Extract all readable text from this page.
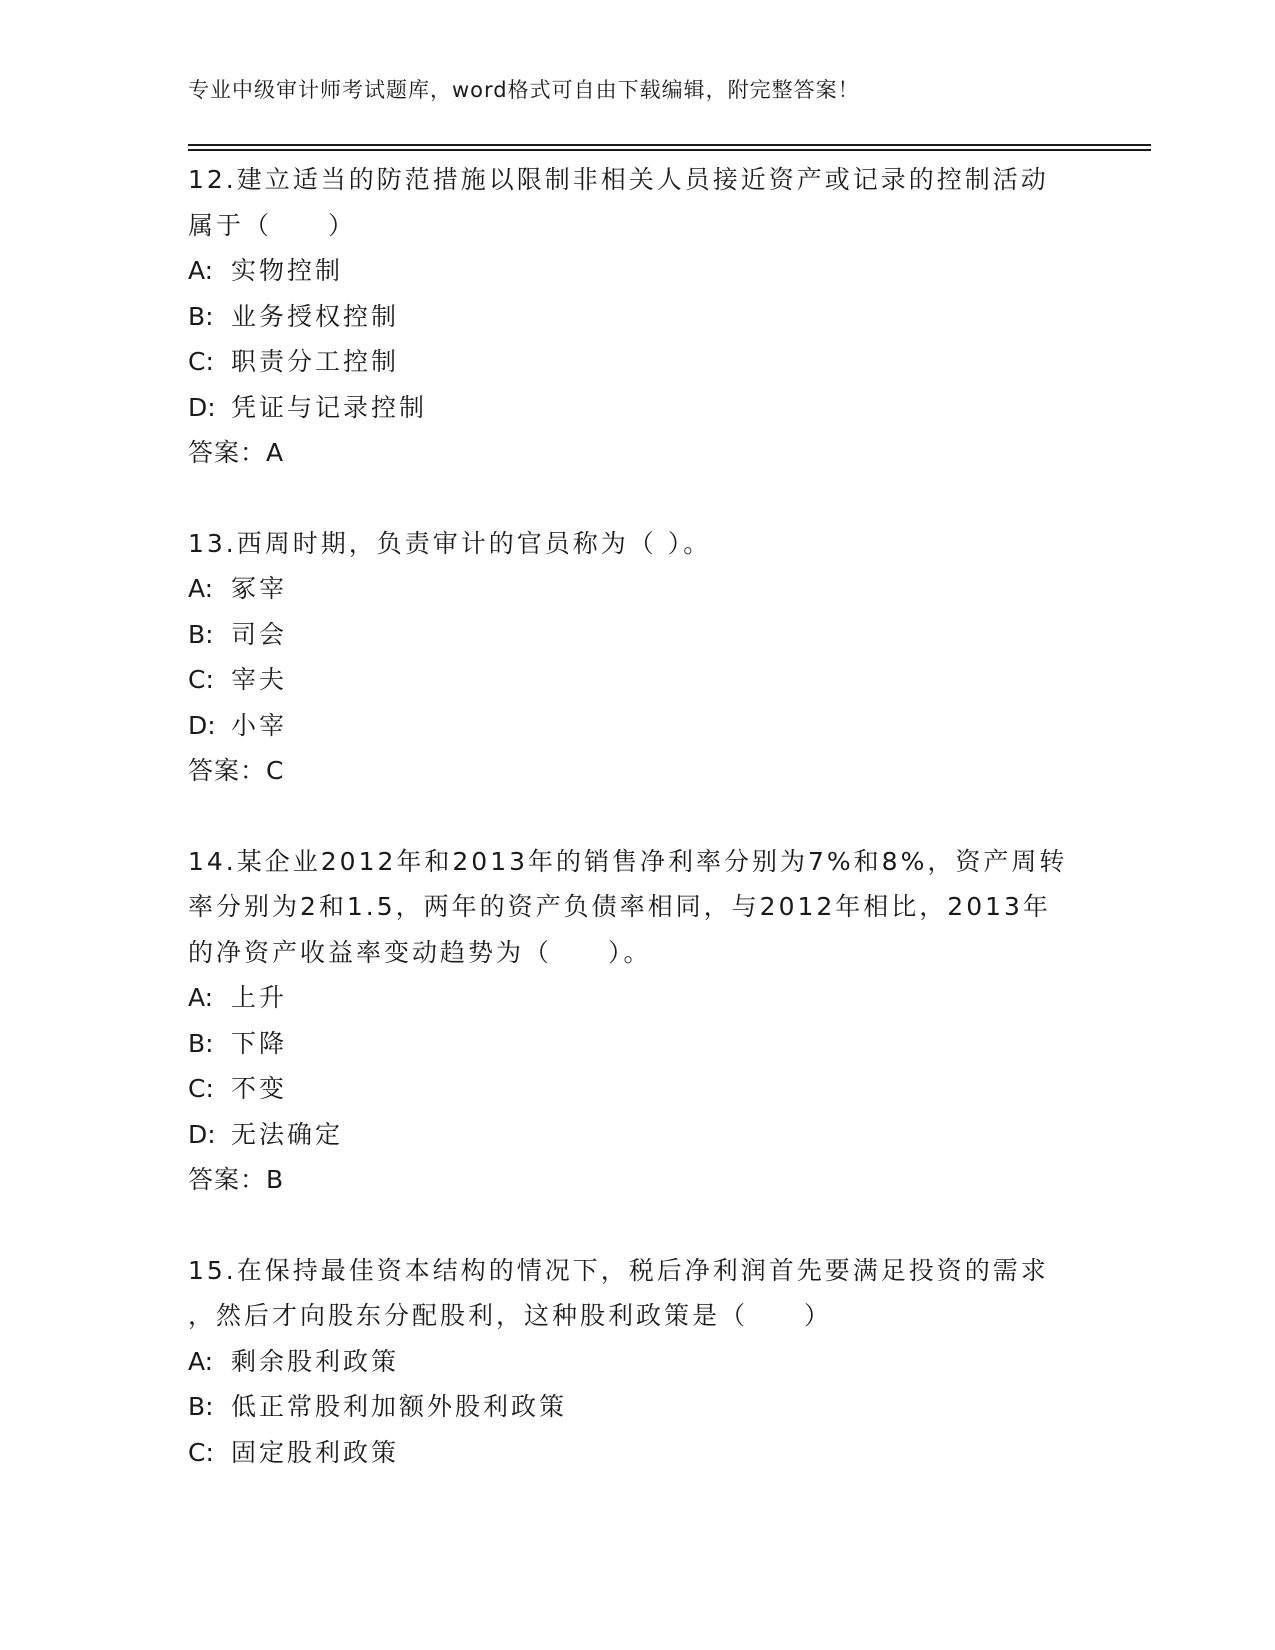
专业中级审计师考试题库，word格式可自由下载编辑，附完整答案！
12.建立适当的防范措施以限制非相关人员接近资产或记录的控制活动
属于（　　）
A: 实物控制
B: 业务授权控制
C: 职责分工控制
D: 凭证与记录控制
答案：A
13.西周时期，负责审计的官员称为（ ）。
A: 冢宰
B: 司会
C: 宰夫
D: 小宰
答案：C
14.某企业2012年和2013年的销售净利率分别为7%和8%，资产周转
率分别为2和1.5，两年的资产负债率相同，与2012年相比，2013年
的净资产收益率变动趋势为（　　）。
A: 上升
B: 下降
C: 不变
D: 无法确定
答案：B
15.在保持最佳资本结构的情况下，税后净利润首先要满足投资的需求
，然后才向股东分配股利，这种股利政策是（　　）
A: 剩余股利政策
B: 低正常股利加额外股利政策
C: 固定股利政策
